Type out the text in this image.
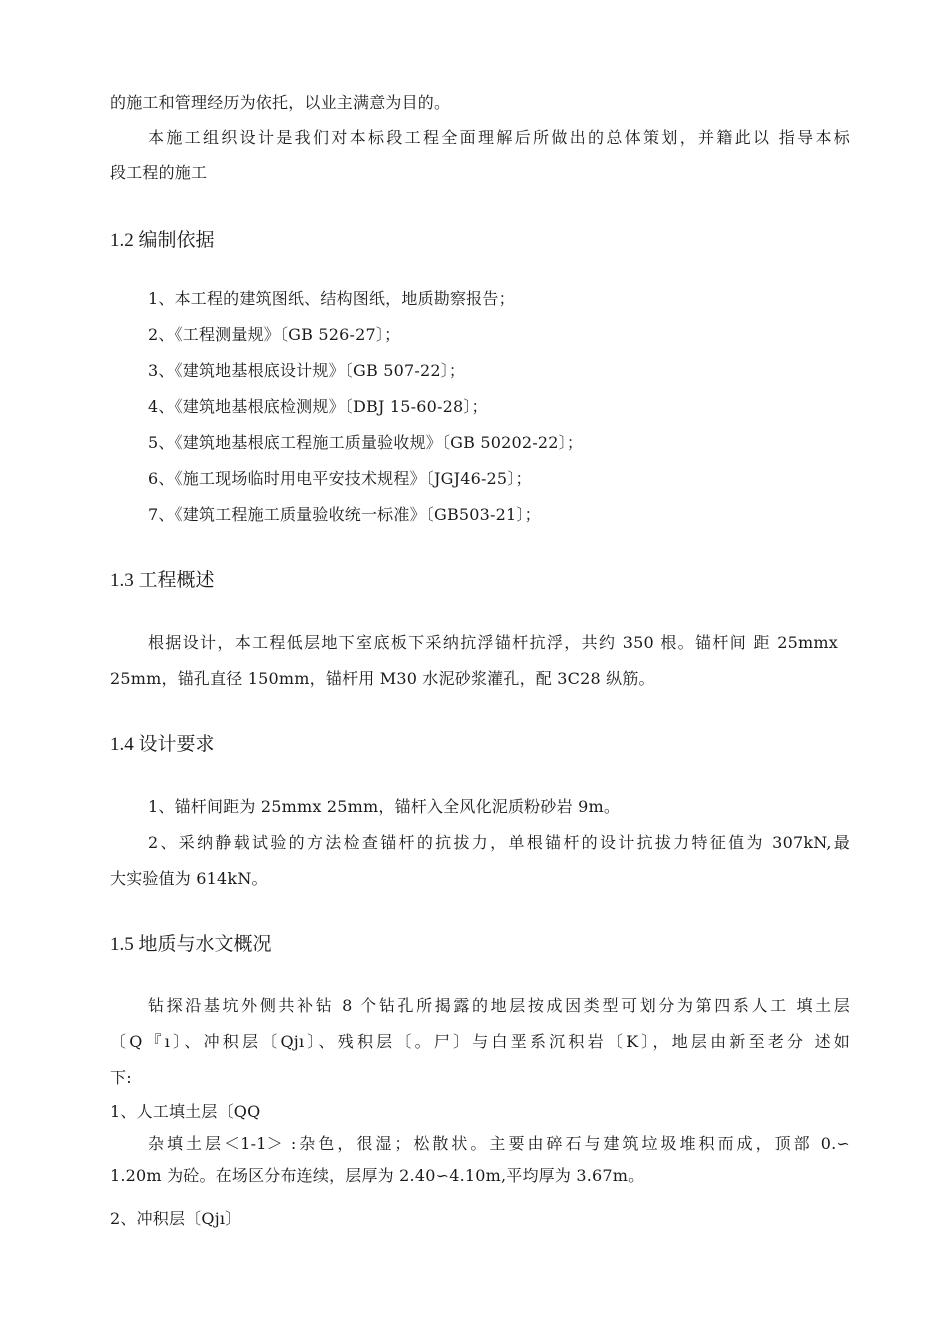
的施工和管理经历为依托，以业主满意为目的。
本施工组织设计是我们对本标段工程全面理解后所做出的总体策划，并籍此以 指导本标
段工程的施工
1.2 编制依据
1、本工程的建筑图纸、结构图纸，地质勘察报告；
2、《工程测量规》〔GB 526-27〕；
3、《建筑地基根底设计规》〔GB 507-22〕；
4、《建筑地基根底检测规》〔DBJ 15-60-28〕；
5、《建筑地基根底工程施工质量验收规》〔GB 50202-22〕；
6、《施工现场临时用电平安技术规程》〔JGJ46-25〕；
7、《建筑工程施工质量验收统一标准》〔GB503-21〕；
1.3 工程概述
根据设计，本工程低层地下室底板下采纳抗浮锚杆抗浮，共约 350 根。锚杆间 距 25mmx
25mm，锚孔直径 150mm，锚杆用 M30 水泥砂浆灌孔，配 3C28 纵筋。
1.4 设计要求
1、锚杆间距为 25mmx 25mm，锚杆入全风化泥质粉砂岩 9m。
2、采纳静载试验的方法检查锚杆的抗拔力，单根锚杆的设计抗拔力特征值为 307kN,最
大实验值为 614kN。
1.5 地质与水文概况
钻探沿基坑外侧共补钻 8 个钻孔所揭露的地层按成因类型可划分为第四系人工 填土层
〔Q『ı〕、冲积层〔Qjı〕、残积层〔。尸〕与白垩系沉积岩〔K〕，地层由新至老分 述如
下:
1、人工填土层〔QQ
杂填土层＜1-1＞ :杂色，很湿；松散状。主要由碎石与建筑垃圾堆积而成，顶部 0.∽
1.20m 为砼。在场区分布连续，层厚为 2.40∽4.10m,平均厚为 3.67m。
2、冲积层〔Qjı〕
